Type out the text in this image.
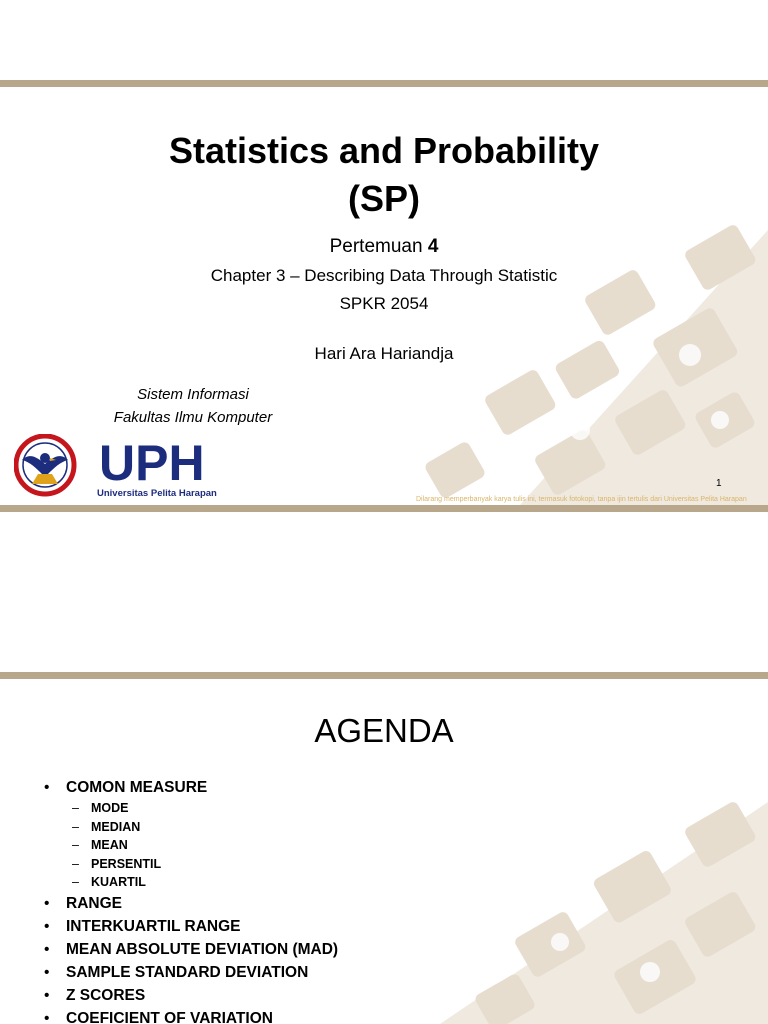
Statistics and Probability
(SP)
Pertemuan 4
Chapter 3 – Describing Data Through Statistic
SPKR 2054
Hari Ara Hariandja
Sistem Informasi
Fakultas Ilmu Komputer
UPH
Universitas Pelita Harapan
1
Dilarang memperbanyak karya tulis ini, termasuk fotokopi, tanpa ijin tertulis dari Universitas Pelita Harapan
AGENDA
• COMON MEASURE
– MODE
– MEDIAN
– MEAN
– PERSENTIL
– KUARTIL
• RANGE
• INTERKUARTIL RANGE
• MEAN ABSOLUTE DEVIATION (MAD)
• SAMPLE STANDARD DEVIATION
• Z SCORES
• COEFICIENT OF VARIATION
